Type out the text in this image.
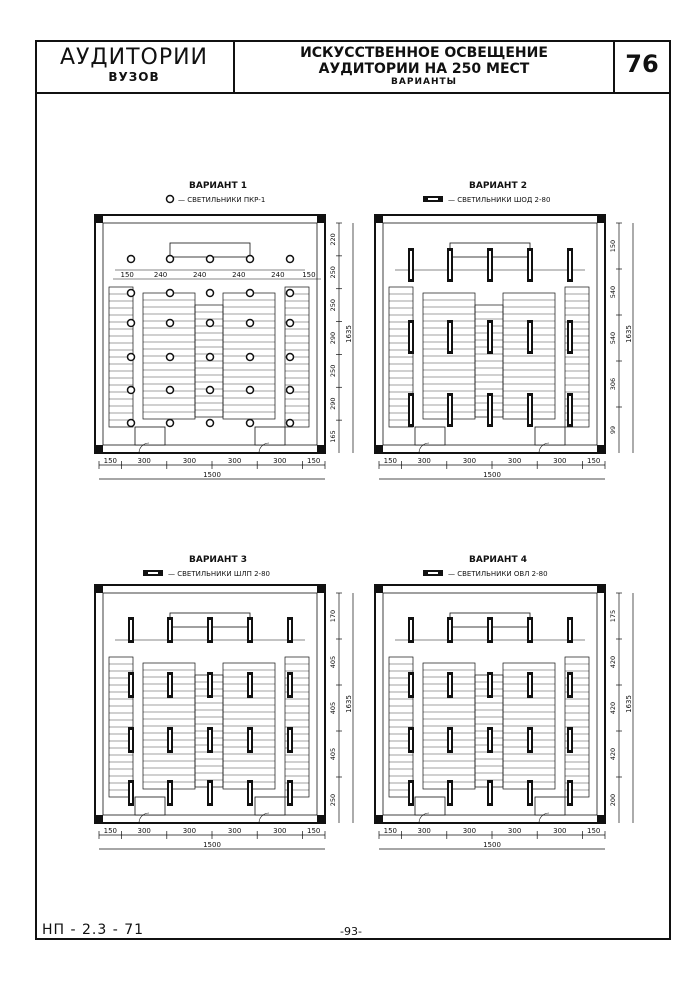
АУДИТОРИИ
ВУЗОВ
ИСКУССТВЕННОЕ ОСВЕЩЕНИЕ
АУДИТОРИИ НА 250 МЕСТ
ВАРИАНТЫ
76
ВАРИАНТ 1
— СВЕТИЛЬНИКИ ПКР-1
150	300	300	300	300	150
1500
150	240	240	240	240	150
220
250
250
290
250
290
165
1635
ВАРИАНТ 2
— СВЕТИЛЬНИКИ ШОД 2-80
150	300	300	300	300	150
1500
150
540
540
306
99
1635
ВАРИАНТ 3
— СВЕТИЛЬНИКИ ШЛП 2-80
150	300	300	300	300	150
1500
170
405
405
405
250
1635
ВАРИАНТ 4
— СВЕТИЛЬНИКИ ОВЛ 2-80
150	300	300	300	300	150
1500
175
420
420
420
200
1635
НП - 2.3 - 71	-93-
